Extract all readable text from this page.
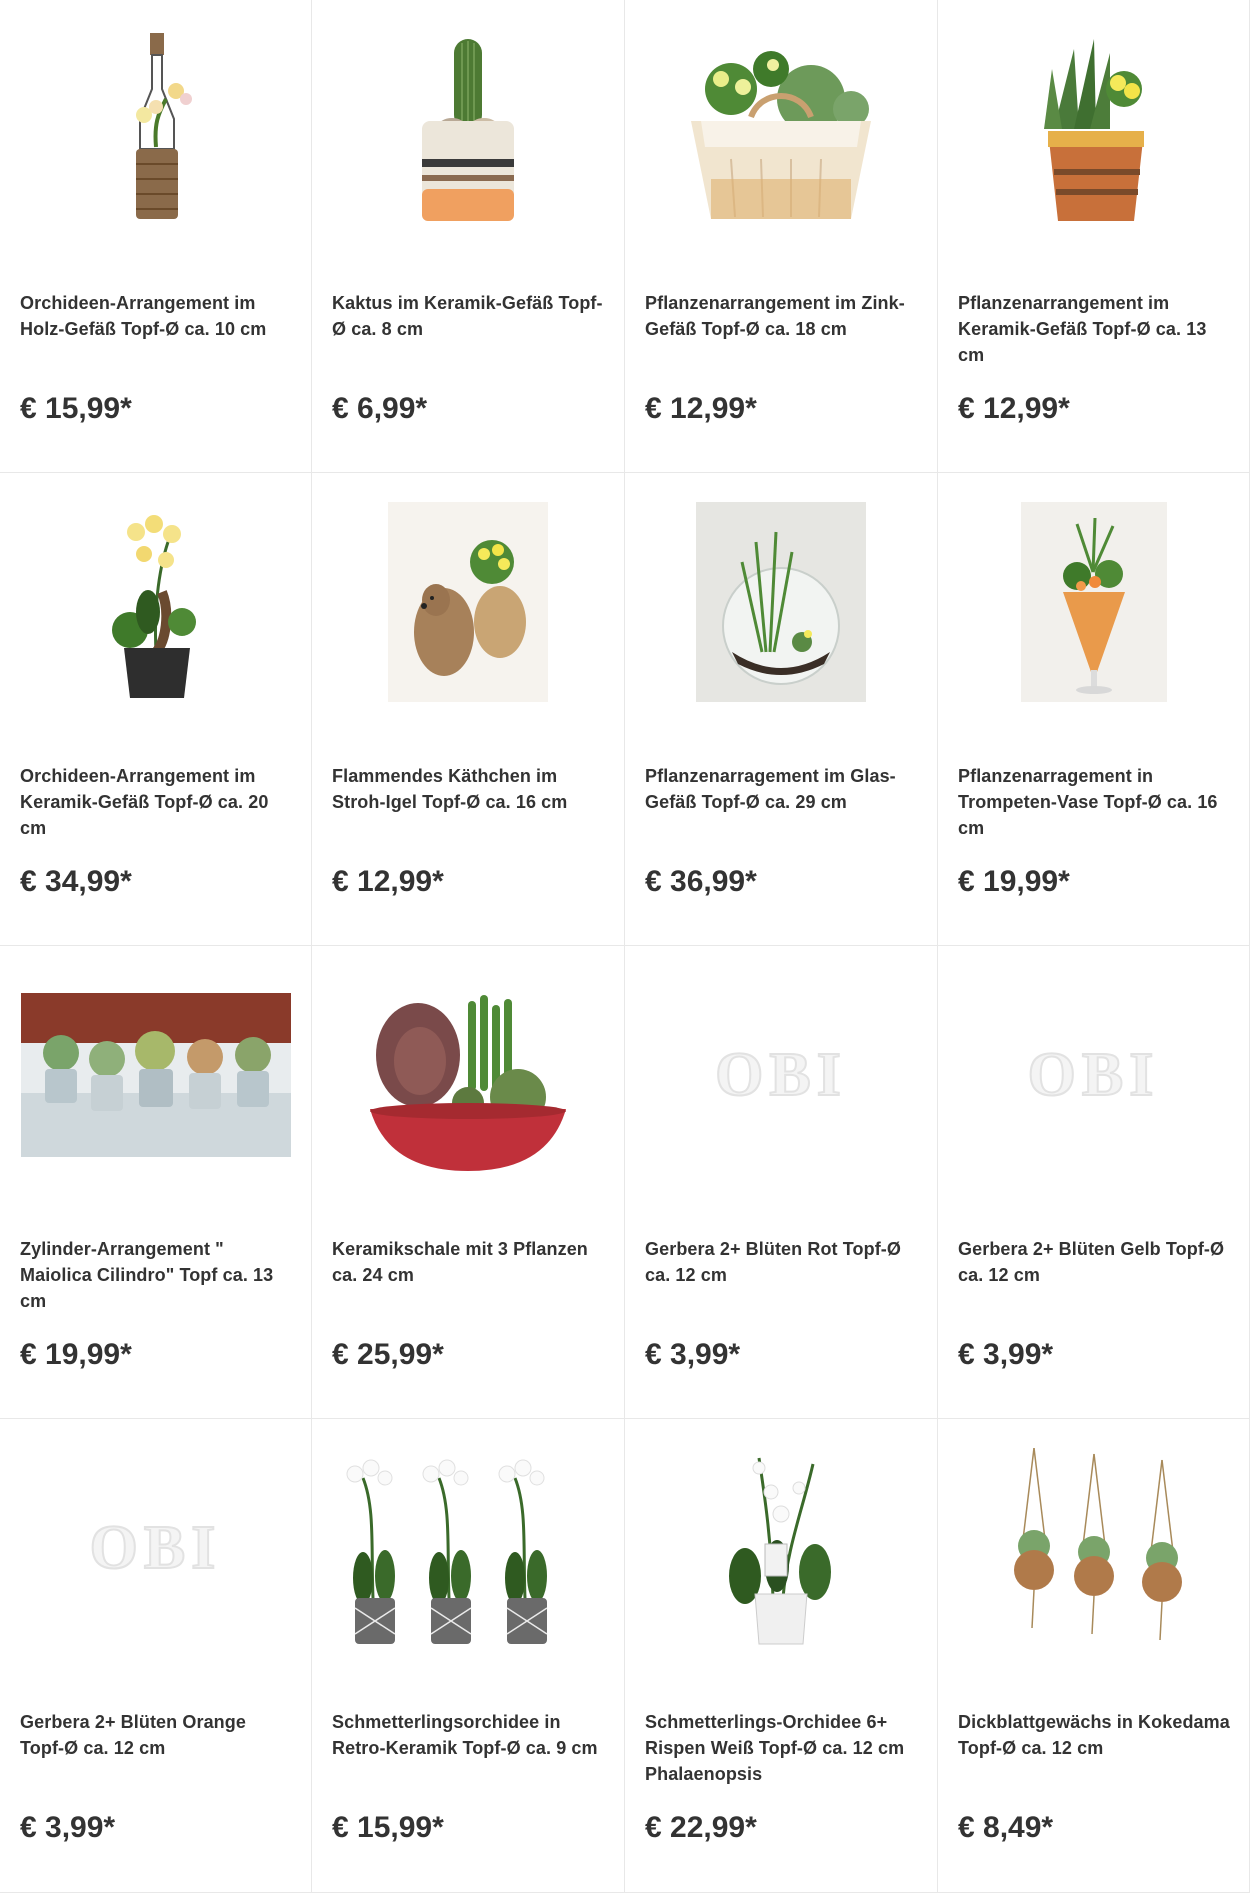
Orchideen-Arrangement im Holz-Gefäß Topf-Ø ca. 10 cm
€ 15,99*
Kaktus im Keramik-Gefäß Topf-Ø ca. 8 cm
€ 6,99*
Pflanzenarrangement im Zink-Gefäß Topf-Ø ca. 18 cm
€ 12,99*
Pflanzenarrangement im Keramik-Gefäß Topf-Ø ca. 13 cm
€ 12,99*
Orchideen-Arrangement im Keramik-Gefäß Topf-Ø ca. 20 cm
€ 34,99*
Flammendes Käthchen im Stroh-Igel Topf-Ø ca. 16 cm
€ 12,99*
Pflanzenarragement im Glas-Gefäß Topf-Ø ca. 29 cm
€ 36,99*
Pflanzenarragement in Trompeten-Vase Topf-Ø ca. 16 cm
€ 19,99*
Zylinder-Arrangement " Maiolica Cilindro" Topf ca. 13 cm
€ 19,99*
Keramikschale mit 3 Pflanzen ca. 24 cm
€ 25,99*
OBI
Gerbera 2+ Blüten Rot Topf-Ø ca. 12 cm
€ 3,99*
OBI
Gerbera 2+ Blüten Gelb Topf-Ø ca. 12 cm
€ 3,99*
OBI
Gerbera 2+ Blüten Orange Topf-Ø ca. 12 cm
€ 3,99*
Schmetterlingsorchidee in Retro-Keramik Topf-Ø ca. 9 cm
€ 15,99*
Schmetterlings-Orchidee 6+ Rispen Weiß Topf-Ø ca. 12 cm Phalaenopsis
€ 22,99*
Dickblattgewächs in Kokedama Topf-Ø ca. 12 cm
€ 8,49*
